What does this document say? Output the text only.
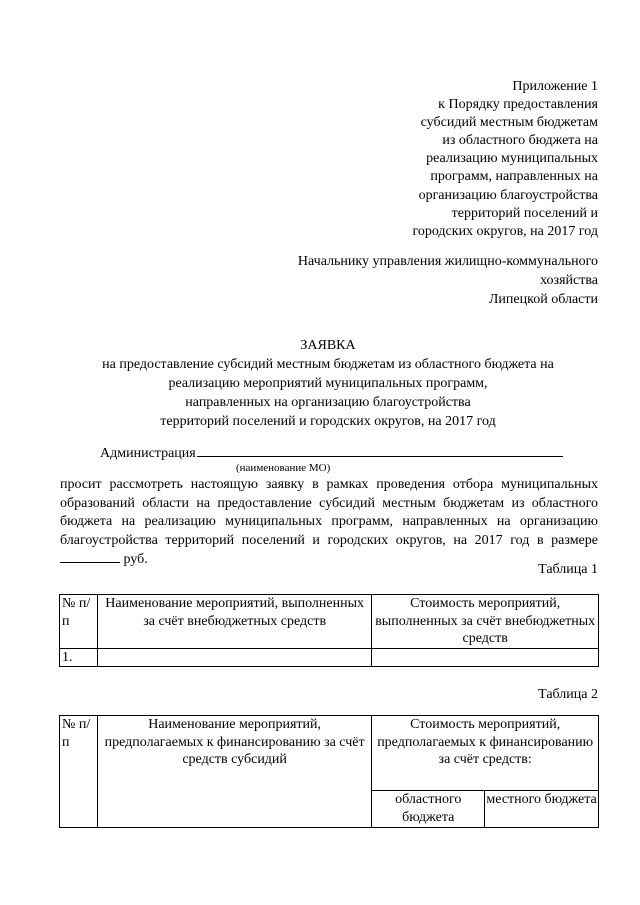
Приложение 1
к Порядку предоставления
субсидий местным бюджетам
из областного бюджета на
реализацию муниципальных
программ, направленных на
организацию благоустройства
территорий поселений и
городских округов, на 2017 год
Начальнику управления жилищно-коммунального
хозяйства
Липецкой области
ЗАЯВКА
на предоставление субсидий местным бюджетам из областного бюджета на
реализацию мероприятий муниципальных программ,
направленных на организацию благоустройства
территорий поселений и городских округов, на 2017 год
Администрация
(наименование МО)
просит рассмотреть настоящую заявку в рамках проведения отбора муниципальных образований области на предоставление субсидий местным бюджетам из областного бюджета на реализацию муниципальных программ, направленных на организацию благоустройства территорий поселений и городских округов, на 2017 год в размере  руб.
Таблица 1
№ п/п	Наименование мероприятий, выполненных за счёт внебюджетных средств	Стоимость мероприятий, выполненных за счёт внебюджетных средств
1.		
Таблица 2
№ п/п	Наименование мероприятий, предполагаемых к финансированию за счёт средств субсидий	Стоимость мероприятий, предполагаемых к финансированию за счёт средств:	
		областного бюджета	местного бюджета
